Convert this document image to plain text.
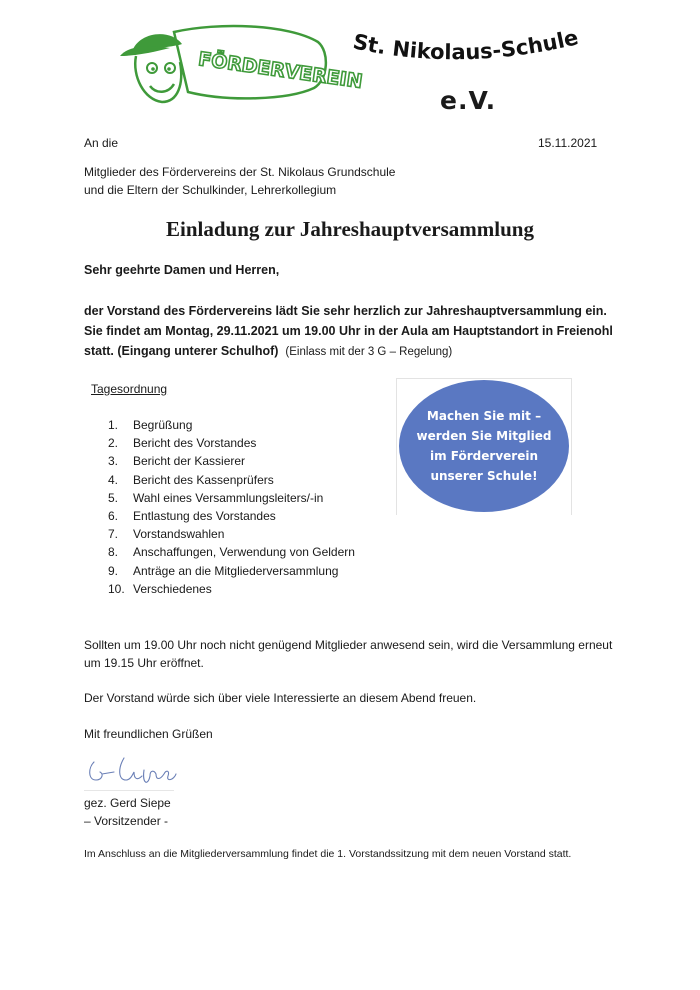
FÖRDERVEREIN
St. Nikolaus-Schule
e.V.
An die	15.11.2021
Mitglieder des Fördervereins der St. Nikolaus Grundschule
und die Eltern der Schulkinder, Lehrerkollegium
Einladung zur Jahreshauptversammlung
Sehr geehrte Damen und Herren,
der Vorstand des Fördervereins lädt Sie sehr herzlich zur Jahreshauptversammlung ein.
Sie findet am Montag, 29.11.2021 um 19.00 Uhr in der Aula am Hauptstandort in Freienohl
statt. (Eingang unterer Schulhof) (Einlass mit der 3 G – Regelung)
Tagesordnung
1. Begrüßung
2. Bericht des Vorstandes
3. Bericht der Kassierer
4. Bericht des Kassenprüfers
5. Wahl eines Versammlungsleiters/-in
6. Entlastung des Vorstandes
7. Vorstandswahlen
8. Anschaffungen, Verwendung von Geldern
9. Anträge an die Mitgliederversammlung
10. Verschiedenes
Machen Sie mit –
werden Sie Mitglied
im Förderverein
unserer Schule!
Sollten um 19.00 Uhr noch nicht genügend Mitglieder anwesend sein, wird die Versammlung erneut um 19.15 Uhr eröffnet.
Der Vorstand würde sich über viele Interessierte an diesem Abend freuen.
Mit freundlichen Grüßen
gez. Gerd Siepe
– Vorsitzender -
Im Anschluss an die Mitgliederversammlung findet die 1. Vorstandssitzung mit dem neuen Vorstand statt.
